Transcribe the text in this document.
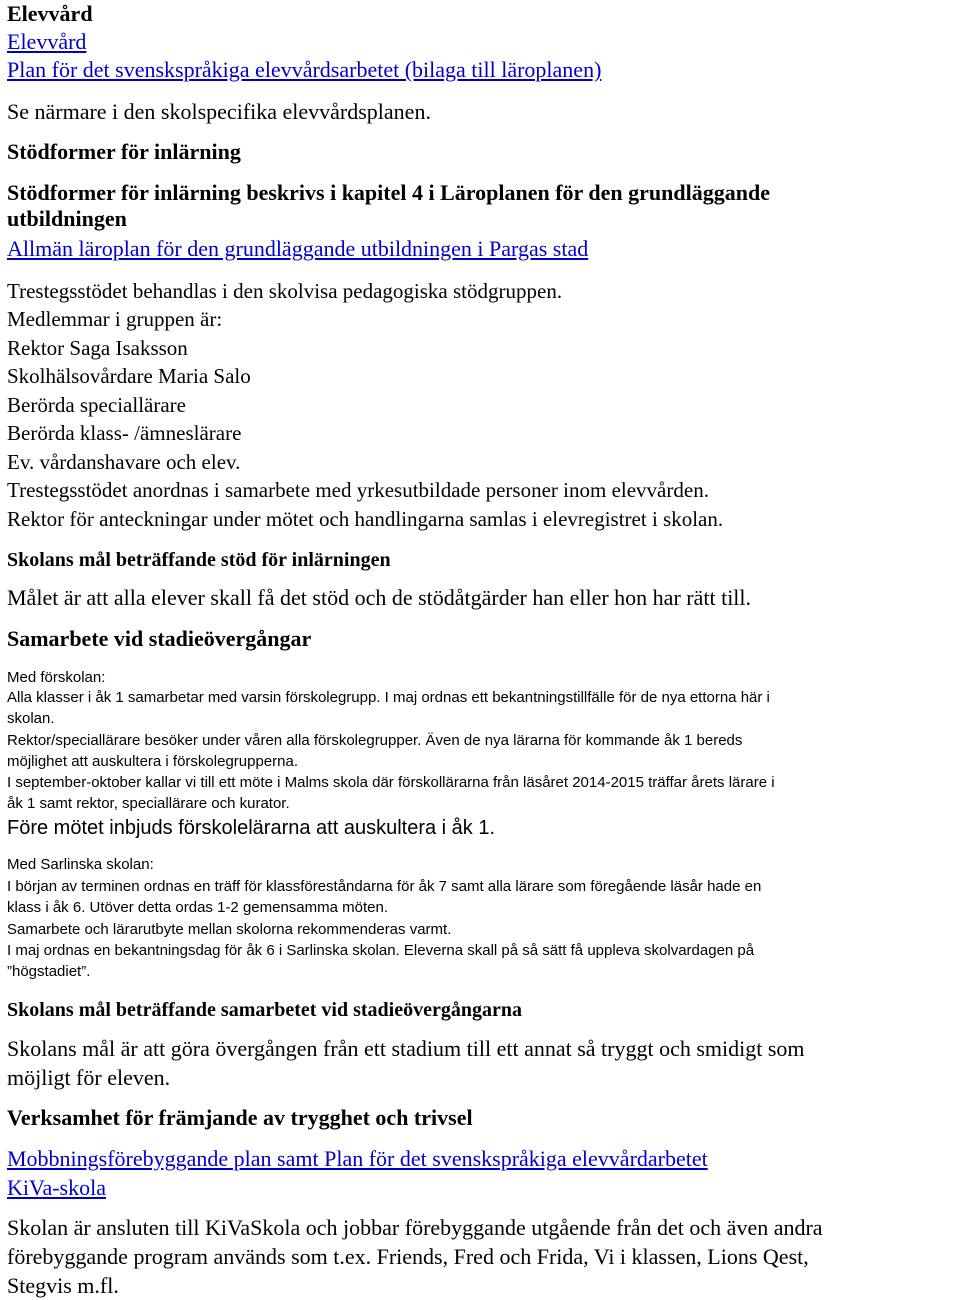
Elevvård
Elevvård
Plan för det svenskspråkiga elevvårdsarbetet (bilaga till läroplanen)
Se närmare i den skolspecifika elevvårdsplanen.
Stödformer för inlärning
Stödformer för inlärning beskrivs i kapitel 4 i Läroplanen för den grundläggande
utbildningen
Allmän läroplan för den grundläggande utbildningen i Pargas stad
Trestegsstödet behandlas i den skolvisa pedagogiska stödgruppen.
Medlemmar i gruppen är:
Rektor Saga Isaksson
Skolhälsovårdare Maria Salo
Berörda speciallärare
Berörda klass- /ämneslärare
Ev. vårdanshavare och elev.
Trestegsstödet anordnas i samarbete med yrkesutbildade personer inom elevvården.
Rektor för anteckningar under mötet och handlingarna samlas i elevregistret i skolan.
Skolans mål beträffande stöd för inlärningen
Målet är att alla elever skall få det stöd och de stödåtgärder han eller hon har rätt till.
Samarbete vid stadieövergångar
Med förskolan:
Alla klasser i åk 1 samarbetar med varsin förskolegrupp. I maj ordnas ett bekantningstillfälle för de nya ettorna här i
skolan.
Rektor/speciallärare besöker under våren alla förskolegrupper. Även de nya lärarna för kommande åk 1 bereds
möjlighet att auskultera i förskolegrupperna.
I september-oktober kallar vi till ett möte i Malms skola där förskollärarna från läsåret 2014-2015 träffar årets lärare i
åk 1 samt rektor, speciallärare och kurator.
Före mötet inbjuds förskolelärarna att auskultera i åk 1.
Med Sarlinska skolan:
I början av terminen ordnas en träff för klassföreståndarna för åk 7 samt alla lärare som föregående läsår hade en
klass i åk 6. Utöver detta ordas 1-2 gemensamma möten.
Samarbete och lärarutbyte mellan skolorna rekommenderas varmt.
I maj ordnas en bekantningsdag för åk 6 i Sarlinska skolan. Eleverna skall på så sätt få uppleva skolvardagen på
”högstadiet”.
Skolans mål beträffande samarbetet vid stadieövergångarna
Skolans mål är att göra övergången från ett stadium till ett annat så tryggt och smidigt som
möjligt för eleven.
Verksamhet för främjande av trygghet och trivsel
Mobbningsförebyggande plan samt Plan för det svenskspråkiga elevvårdarbetet
KiVa-skola
Skolan är ansluten till KiVaSkola och jobbar förebyggande utgående från det och även andra
förebyggande program används som t.ex. Friends, Fred och Frida, Vi i klassen, Lions Qest,
Stegvis m.fl.
